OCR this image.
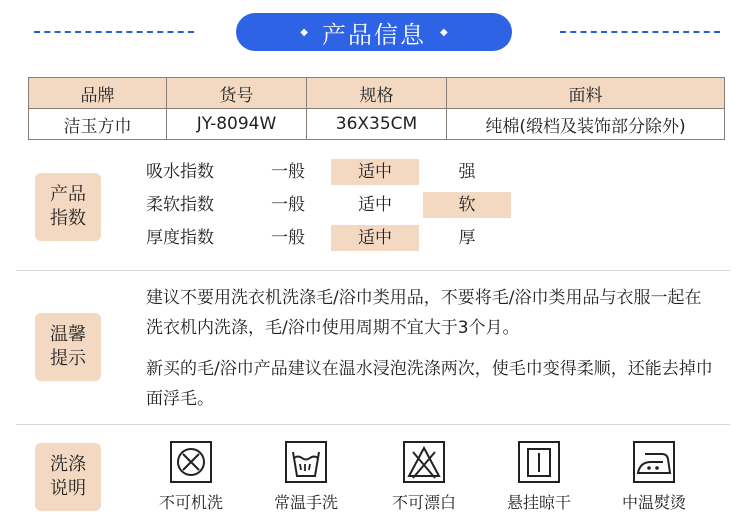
◆ 产品信息 ◆
品牌	货号	规格	面料
洁玉方巾	JY-8094W	36X35CM	纯棉(缎档及装饰部分除外)
产品
指数
吸水指数	一般	适中	强
柔软指数	一般	适中	软
厚度指数	一般	适中	厚
温馨
提示
建议不要用洗衣机洗涤毛/浴巾类用品，不要将毛/浴巾类用品与衣服一起在洗衣机内洗涤，毛/浴巾使用周期不宜大于3个月。
新买的毛/浴巾产品建议在温水浸泡洗涤两次，使毛巾变得柔顺，还能去掉巾面浮毛。
洗涤
说明
不可机洗	常温手洗	不可漂白	悬挂晾干	中温熨烫
